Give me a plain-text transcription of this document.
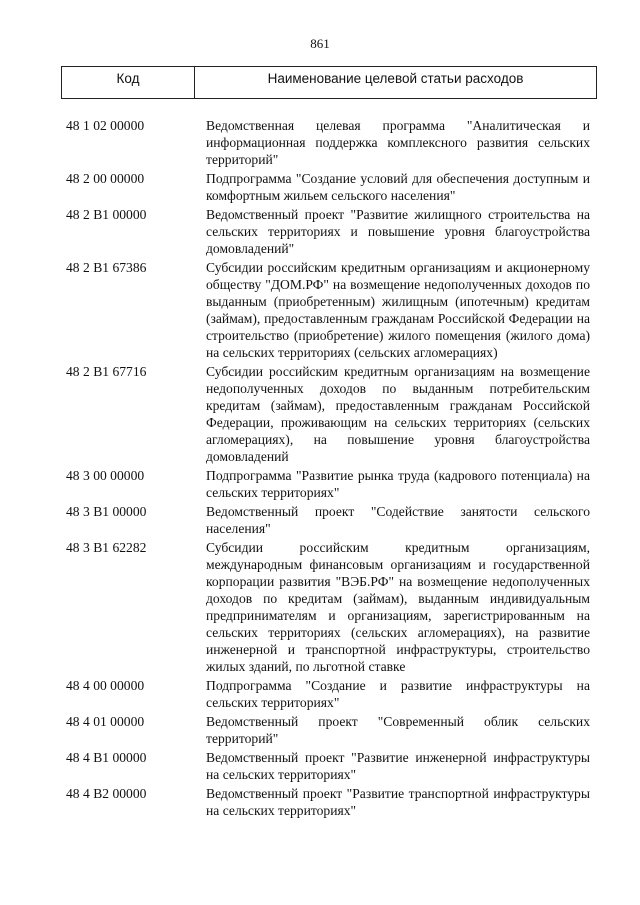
861
Код	Наименование целевой статьи расходов
48 1 02 00000	Ведомственная целевая программа "Аналитическая и информационная поддержка комплексного развития сельских территорий"
48 2 00 00000	Подпрограмма "Создание условий для обеспечения доступным и комфортным жильем сельского населения"
48 2 B1 00000	Ведомственный проект "Развитие жилищного строительства на сельских территориях и повышение уровня благоустройства домовладений"
48 2 B1 67386	Субсидии российским кредитным организациям и акционерному обществу "ДОМ.РФ" на возмещение недополученных доходов по выданным (приобретенным) жилищным (ипотечным) кредитам (займам), предоставленным гражданам Российской Федерации на строительство (приобретение) жилого помещения (жилого дома) на сельских территориях (сельских агломерациях)
48 2 B1 67716	Субсидии российским кредитным организациям на возмещение недополученных доходов по выданным потребительским кредитам (займам), предоставленным гражданам Российской Федерации, проживающим на сельских территориях (сельских агломерациях), на повышение уровня благоустройства домовладений
48 3 00 00000	Подпрограмма "Развитие рынка труда (кадрового потенциала) на сельских территориях"
48 3 B1 00000	Ведомственный проект "Содействие занятости сельского населения"
48 3 B1 62282	Субсидии российским кредитным организациям, международным финансовым организациям и государственной корпорации развития "ВЭБ.РФ" на возмещение недополученных доходов по кредитам (займам), выданным индивидуальным предпринимателям и организациям, зарегистрированным на сельских территориях (сельских агломерациях), на развитие инженерной и транспортной инфраструктуры, строительство жилых зданий, по льготной ставке
48 4 00 00000	Подпрограмма "Создание и развитие инфраструктуры на сельских территориях"
48 4 01 00000	Ведомственный проект "Современный облик сельских территорий"
48 4 B1 00000	Ведомственный проект "Развитие инженерной инфраструктуры на сельских территориях"
48 4 B2 00000	Ведомственный проект "Развитие транспортной инфраструктуры на сельских территориях"
